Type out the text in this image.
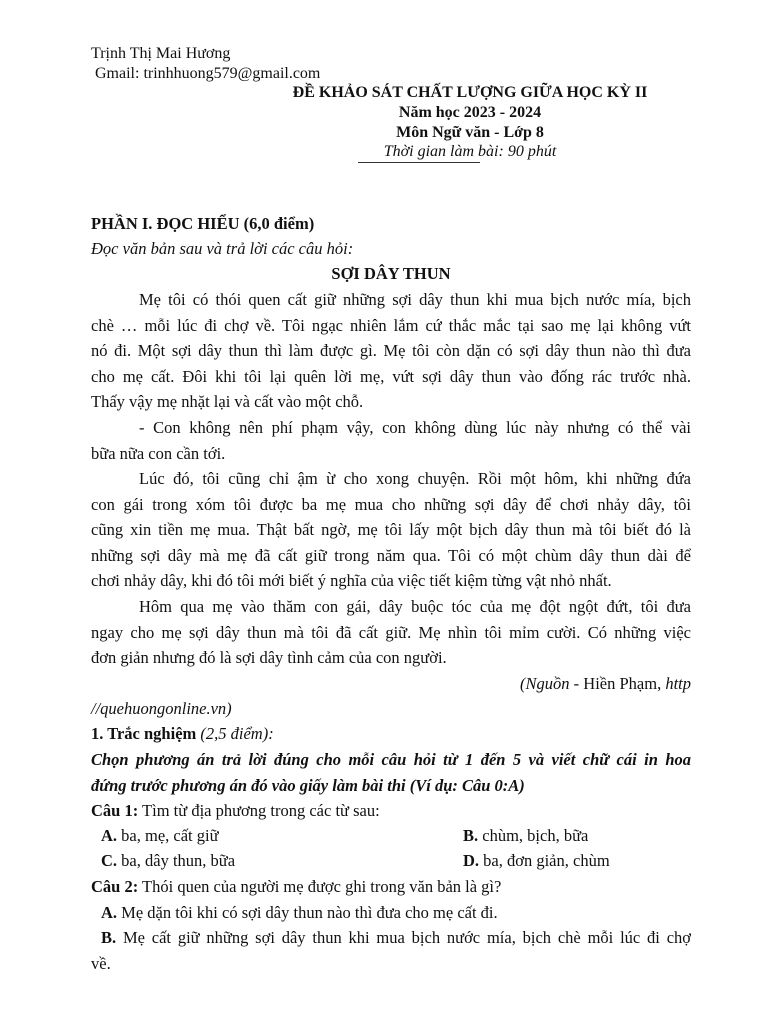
Trịnh Thị Mai Hương
Gmail: trinhhuong579@gmail.com
ĐỀ KHẢO SÁT CHẤT LƯỢNG GIỮA HỌC KỲ II
Năm học 2023 - 2024
Môn Ngữ văn - Lớp 8
Thời gian làm bài: 90 phút
PHẦN I. ĐỌC HIỂU (6,0 điểm)
Đọc văn bản sau và trả lời các câu hỏi:
SỢI DÂY THUN
Mẹ tôi có thói quen cất giữ những sợi dây thun khi mua bịch nước mía, bịch
chè … mỗi lúc đi chợ về. Tôi ngạc nhiên lắm cứ thắc mắc tại sao mẹ lại không vứt
nó đi. Một sợi dây thun thì làm được gì. Mẹ tôi còn dặn có sợi dây thun nào thì đưa
cho mẹ cất. Đôi khi tôi lại quên lời mẹ, vứt sợi dây thun vào đống rác trước nhà.
Thấy vậy mẹ nhặt lại và cất vào một chỗ.
- Con không nên phí phạm vậy, con không dùng lúc này nhưng có thể vài
bữa nữa con cần tới.
Lúc đó, tôi cũng chỉ ậm ừ cho xong chuyện. Rồi một hôm, khi những đứa
con gái trong xóm tôi được ba mẹ mua cho những sợi dây để chơi nhảy dây, tôi
cũng xin tiền mẹ mua. Thật bất ngờ, mẹ tôi lấy một bịch dây thun mà tôi biết đó là
những sợi dây mà mẹ đã cất giữ trong năm qua. Tôi có một chùm dây thun dài để
chơi nhảy dây, khi đó tôi mới biết ý nghĩa của việc tiết kiệm từng vật nhỏ nhất.
Hôm qua mẹ vào thăm con gái, dây buộc tóc của mẹ đột ngột đứt, tôi đưa
ngay cho mẹ sợi dây thun mà tôi đã cất giữ. Mẹ nhìn tôi mỉm cười. Có những việc
đơn giản nhưng đó là sợi dây tình cảm của con người.
(Nguồn - Hiền Phạm, http
//quehuongonline.vn)
1. Trắc nghiệm (2,5 điểm):
Chọn phương án trả lời đúng cho mỗi câu hỏi từ 1 đến 5 và viết chữ cái in hoa
đứng trước phương án đó vào giấy làm bài thi (Ví dụ: Câu 0:A)
Câu 1: Tìm từ địa phương trong các từ sau:
A. ba, mẹ, cất giữ	B. chùm, bịch, bữa
C. ba, dây thun, bữa	D. ba, đơn giản, chùm
Câu 2: Thói quen của người mẹ được ghi trong văn bản là gì?
A. Mẹ dặn tôi khi có sợi dây thun nào thì đưa cho mẹ cất đi.
B. Mẹ cất giữ những sợi dây thun khi mua bịch nước mía, bịch chè mỗi lúc đi chợ
về.
